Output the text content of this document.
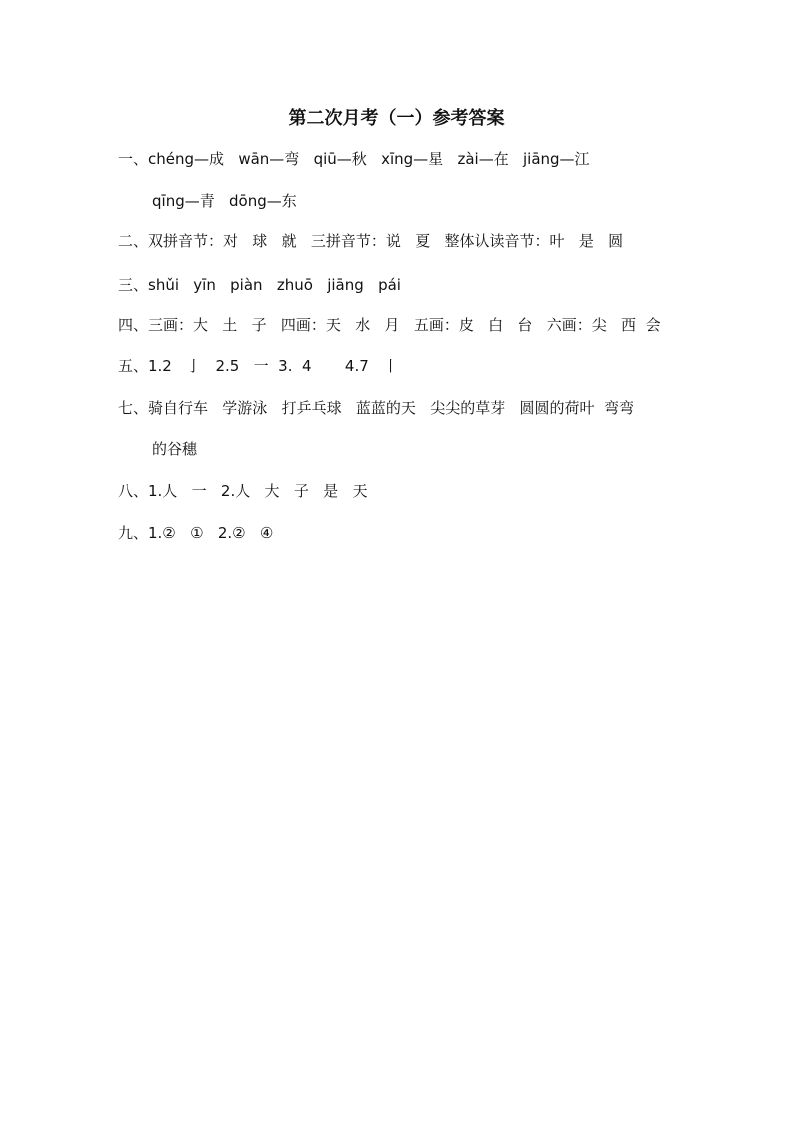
第二次月考（一）参考答案
一、chéng—成   wān—弯   qiū—秋   xīng—星   zài—在   jiāng—江
qīng—青   dōng—东
二、双拼音节：对   球   就   三拼音节：说   夏   整体认读音节：叶   是   圆
三、shǔi   yīn   piàn   zhuō   jiāng   pái
四、三画：大   土   子   四画：天   水   月   五画：皮   白   台   六画：尖   西  会
五、1.2   亅   2.5   一  3.  4       4.7   丨
七、骑自行车   学游泳   打乒乓球   蓝蓝的天   尖尖的草芽   圆圆的荷叶  弯弯
的谷穗
八、1.人   一   2.人   大   子   是   天
九、1.②   ①   2.②   ④
